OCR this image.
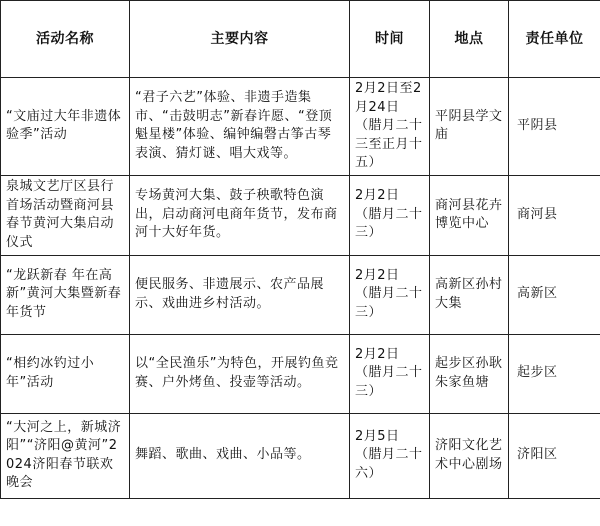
活动名称	主要内容	时间	地点	责任单位
“文庙过大年非遗体验季”活动	“君子六艺”体验、非遗手造集市、“击鼓明志”新春许愿、“登顶魁星楼”体验、编钟编磬古筝古琴表演、猜灯谜、唱大戏等。	2月2日至2月24日（腊月二十三至正月十五）	平阴县学文庙	平阴县
泉城文艺厅区县行首场活动暨商河县春节黄河大集启动仪式	专场黄河大集、鼓子秧歌特色演出，启动商河电商年货节，发布商河十大好年货。	2月2日（腊月二十三）	商河县花卉博览中心	商河县
“龙跃新春 年在高新”黄河大集暨新春年货节	便民服务、非遗展示、农产品展示、戏曲进乡村活动。	2月2日（腊月二十三）	高新区孙村大集	高新区
“相约冰钓过小年”活动	以“全民渔乐”为特色，开展钓鱼竞赛、户外烤鱼、投壶等活动。	2月2日（腊月二十三）	起步区孙耿朱家鱼塘	起步区
“大河之上，新城济阳”“济阳@黄河”2024济阳春节联欢晚会	舞蹈、歌曲、戏曲、小品等。	2月5日（腊月二十六）	济阳文化艺术中心剧场	济阳区
